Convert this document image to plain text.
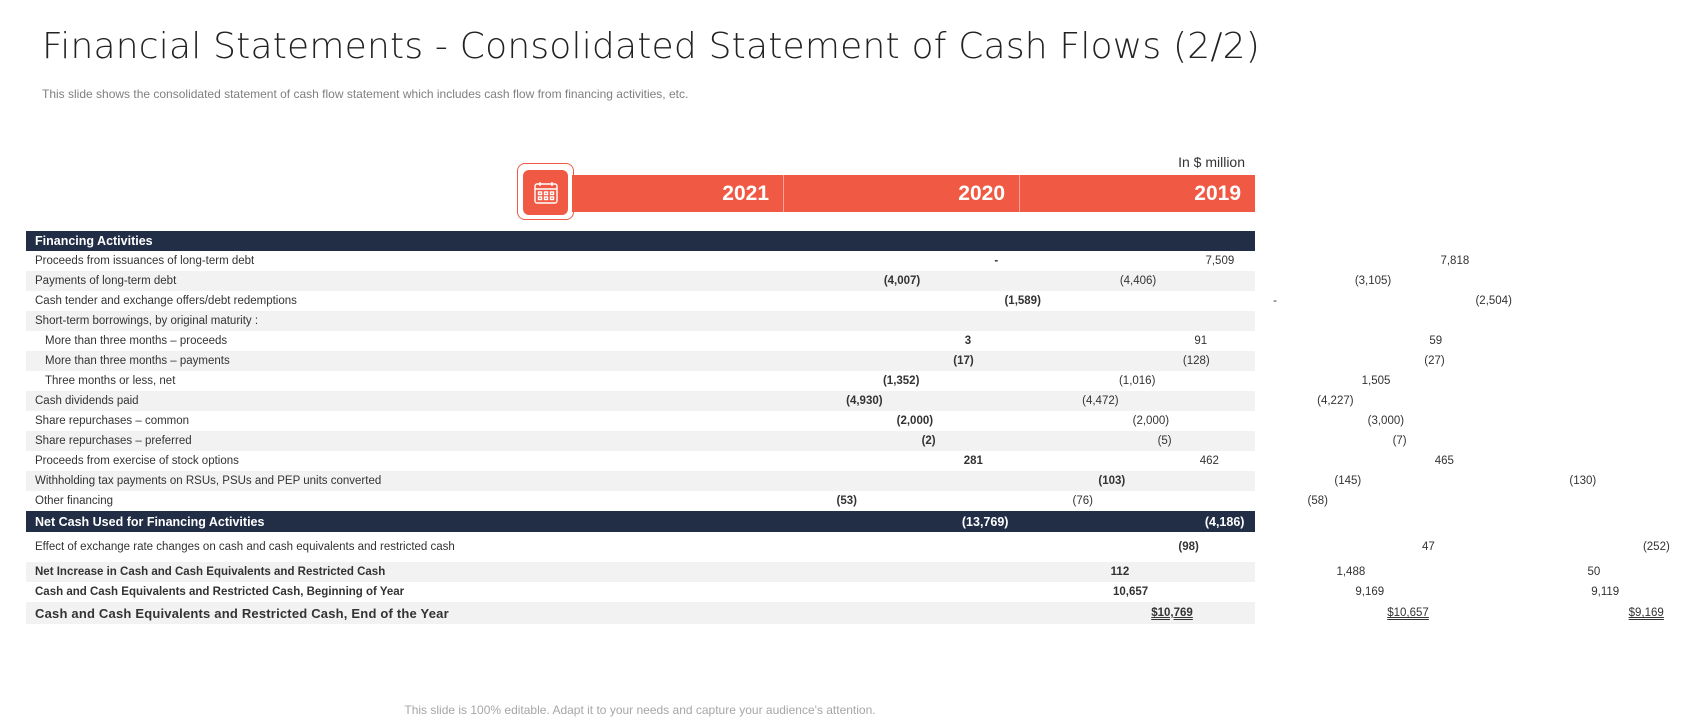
Financial Statements - Consolidated Statement of Cash Flows (2/2)
This slide shows the consolidated statement of cash flow statement which includes cash flow from financing activities, etc.
In $ million
2021	2020	2019
Financing Activities
Proceeds from issuances of long-term debt	-	7,509	7,818
Payments of long-term debt	(4,007)	(4,406)	(3,105)
Cash tender and exchange offers/debt redemptions	(1,589)	-	(2,504)
Short-term borrowings, by original maturity :
More than three months – proceeds	3	91	59
More than three months – payments	(17)	(128)	(27)
Three months or less, net	(1,352)	(1,016)	1,505
Cash dividends paid	(4,930)	(4,472)	(4,227)
Share repurchases – common	(2,000)	(2,000)	(3,000)
Share repurchases – preferred	(2)	(5)	(7)
Proceeds from exercise of stock options	281	462	465
Withholding tax payments on RSUs, PSUs and PEP units converted	(103)	(145)	(130)
Other financing	(53)	(76)	(58)
Net Cash Used for Financing Activities	(13,769)	(4,186)	(3,211)
Effect of exchange rate changes on cash and cash equivalents and restricted cash	(98)	47	(252)
Net Increase in Cash and Cash Equivalents and Restricted Cash	112	1,488	50
Cash and Cash Equivalents and Restricted Cash, Beginning of Year	10,657	9,169	9,119
Cash and Cash Equivalents and Restricted Cash, End of the Year	$10,769	$10,657	$9,169
This slide is 100% editable. Adapt it to your needs and capture your audience's attention.
